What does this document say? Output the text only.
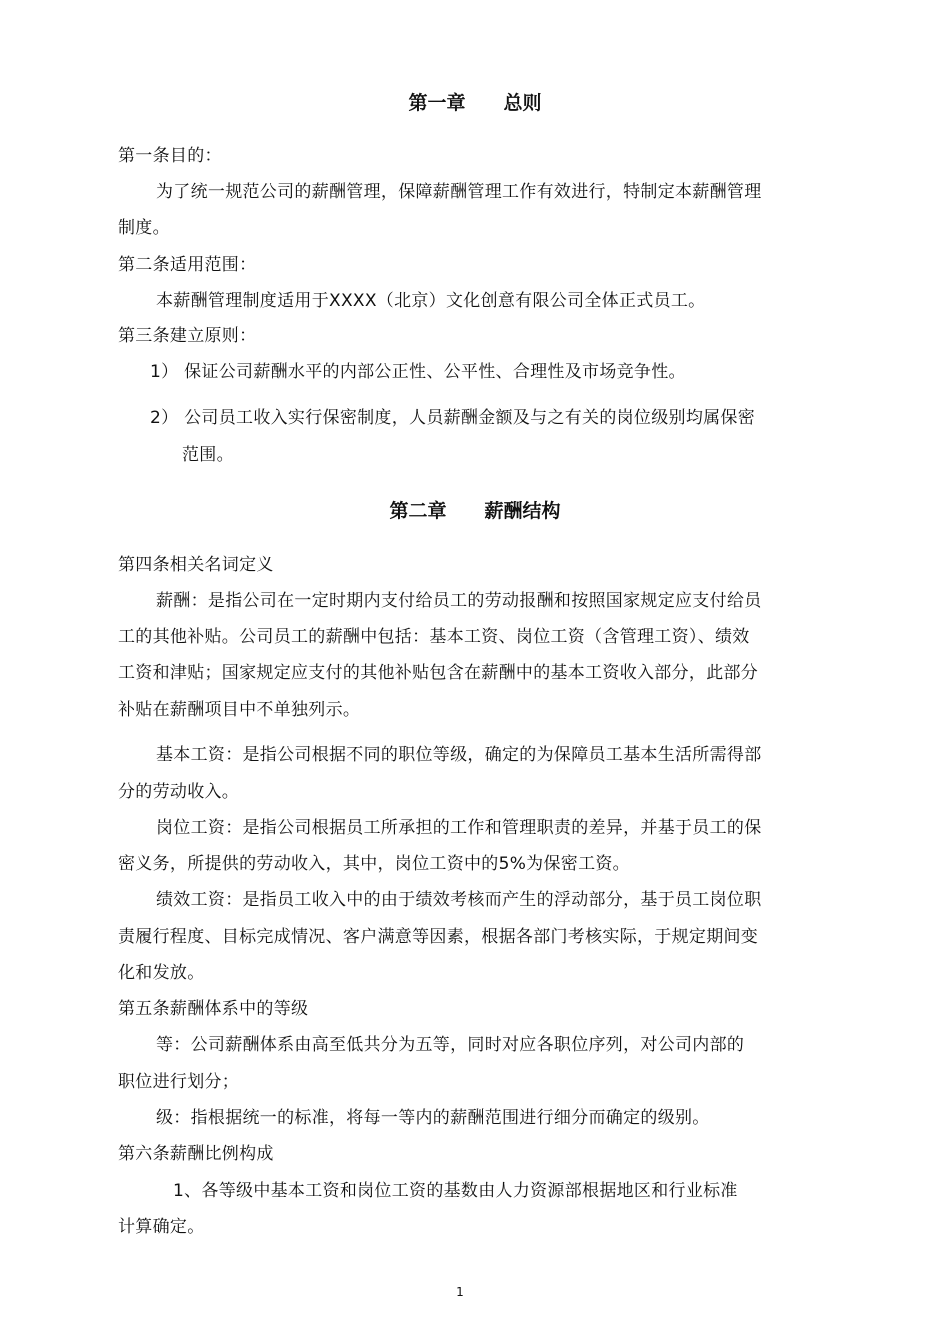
第一章 总则
第一条目的：
为了统一规范公司的薪酬管理，保障薪酬管理工作有效进行，特制定本薪酬管理
制度。
第二条适用范围：
本薪酬管理制度适用于XXXX（北京）文化创意有限公司全体正式员工。
第三条建立原则：
1） 保证公司薪酬水平的内部公正性、公平性、合理性及市场竞争性。
2） 公司员工收入实行保密制度，人员薪酬金额及与之有关的岗位级别均属保密
范围。
第二章 薪酬结构
第四条相关名词定义
薪酬：是指公司在一定时期内支付给员工的劳动报酬和按照国家规定应支付给员
工的其他补贴。公司员工的薪酬中包括：基本工资、岗位工资（含管理工资）、绩效
工资和津贴；国家规定应支付的其他补贴包含在薪酬中的基本工资收入部分，此部分
补贴在薪酬项目中不单独列示。
基本工资：是指公司根据不同的职位等级，确定的为保障员工基本生活所需得部
分的劳动收入。
岗位工资：是指公司根据员工所承担的工作和管理职责的差异，并基于员工的保
密义务，所提供的劳动收入，其中，岗位工资中的5%为保密工资。
绩效工资：是指员工收入中的由于绩效考核而产生的浮动部分，基于员工岗位职
责履行程度、目标完成情况、客户满意等因素，根据各部门考核实际，于规定期间变
化和发放。
第五条薪酬体系中的等级
等：公司薪酬体系由高至低共分为五等，同时对应各职位序列，对公司内部的
职位进行划分；
级：指根据统一的标准，将每一等内的薪酬范围进行细分而确定的级别。
第六条薪酬比例构成
1、各等级中基本工资和岗位工资的基数由人力资源部根据地区和行业标准
计算确定。
1
